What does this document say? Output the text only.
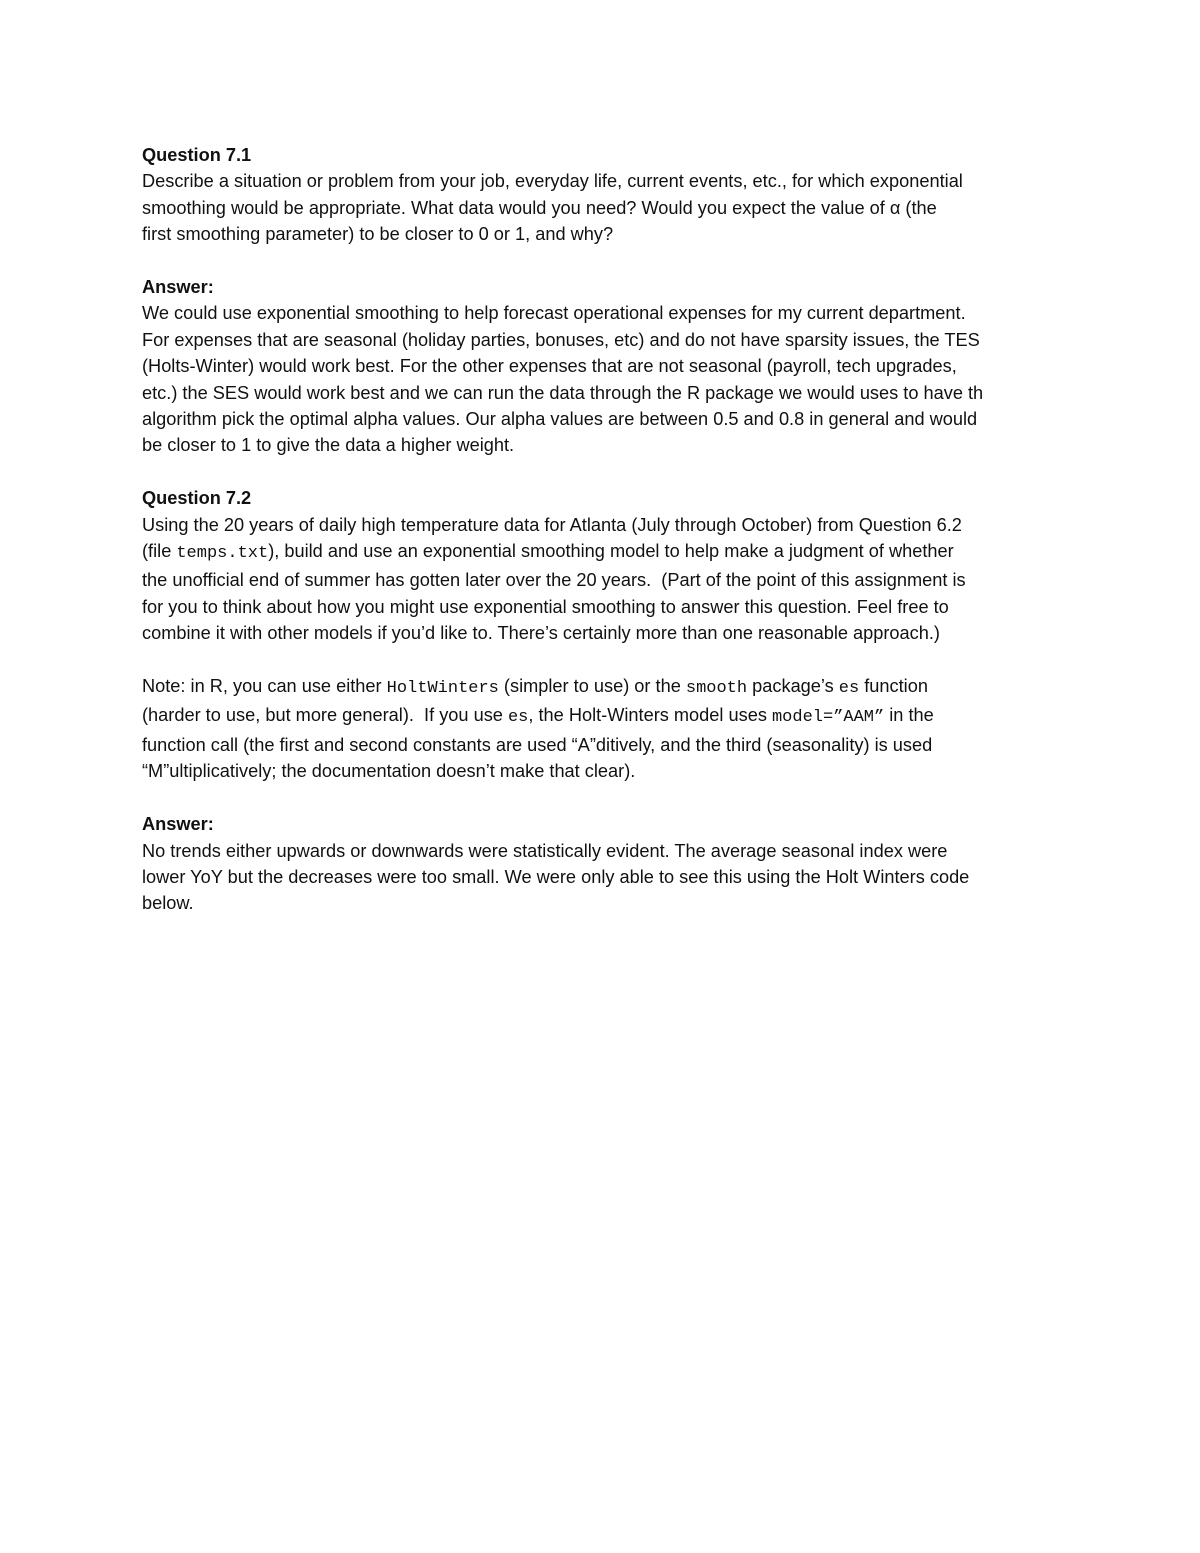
Question 7.1
Describe a situation or problem from your job, everyday life, current events, etc., for which exponential
smoothing would be appropriate. What data would you need? Would you expect the value of α (the
first smoothing parameter) to be closer to 0 or 1, and why?
Answer:
We could use exponential smoothing to help forecast operational expenses for my current department.
For expenses that are seasonal (holiday parties, bonuses, etc) and do not have sparsity issues, the TES
(Holts-Winter) would work best. For the other expenses that are not seasonal (payroll, tech upgrades,
etc.) the SES would work best and we can run the data through the R package we would uses to have th
algorithm pick the optimal alpha values. Our alpha values are between 0.5 and 0.8 in general and would
be closer to 1 to give the data a higher weight.
Question 7.2
Using the 20 years of daily high temperature data for Atlanta (July through October) from Question 6.2
(file temps.txt), build and use an exponential smoothing model to help make a judgment of whether
the unofficial end of summer has gotten later over the 20 years.  (Part of the point of this assignment is
for you to think about how you might use exponential smoothing to answer this question. Feel free to
combine it with other models if you’d like to. There’s certainly more than one reasonable approach.)
Note: in R, you can use either HoltWinters (simpler to use) or the smooth package’s es function
(harder to use, but more general).  If you use es, the Holt-Winters model uses model=”AAM” in the
function call (the first and second constants are used “A”ditively, and the third (seasonality) is used
“M”ultiplicatively; the documentation doesn’t make that clear).
Answer:
No trends either upwards or downwards were statistically evident. The average seasonal index were
lower YoY but the decreases were too small. We were only able to see this using the Holt Winters code
below.
